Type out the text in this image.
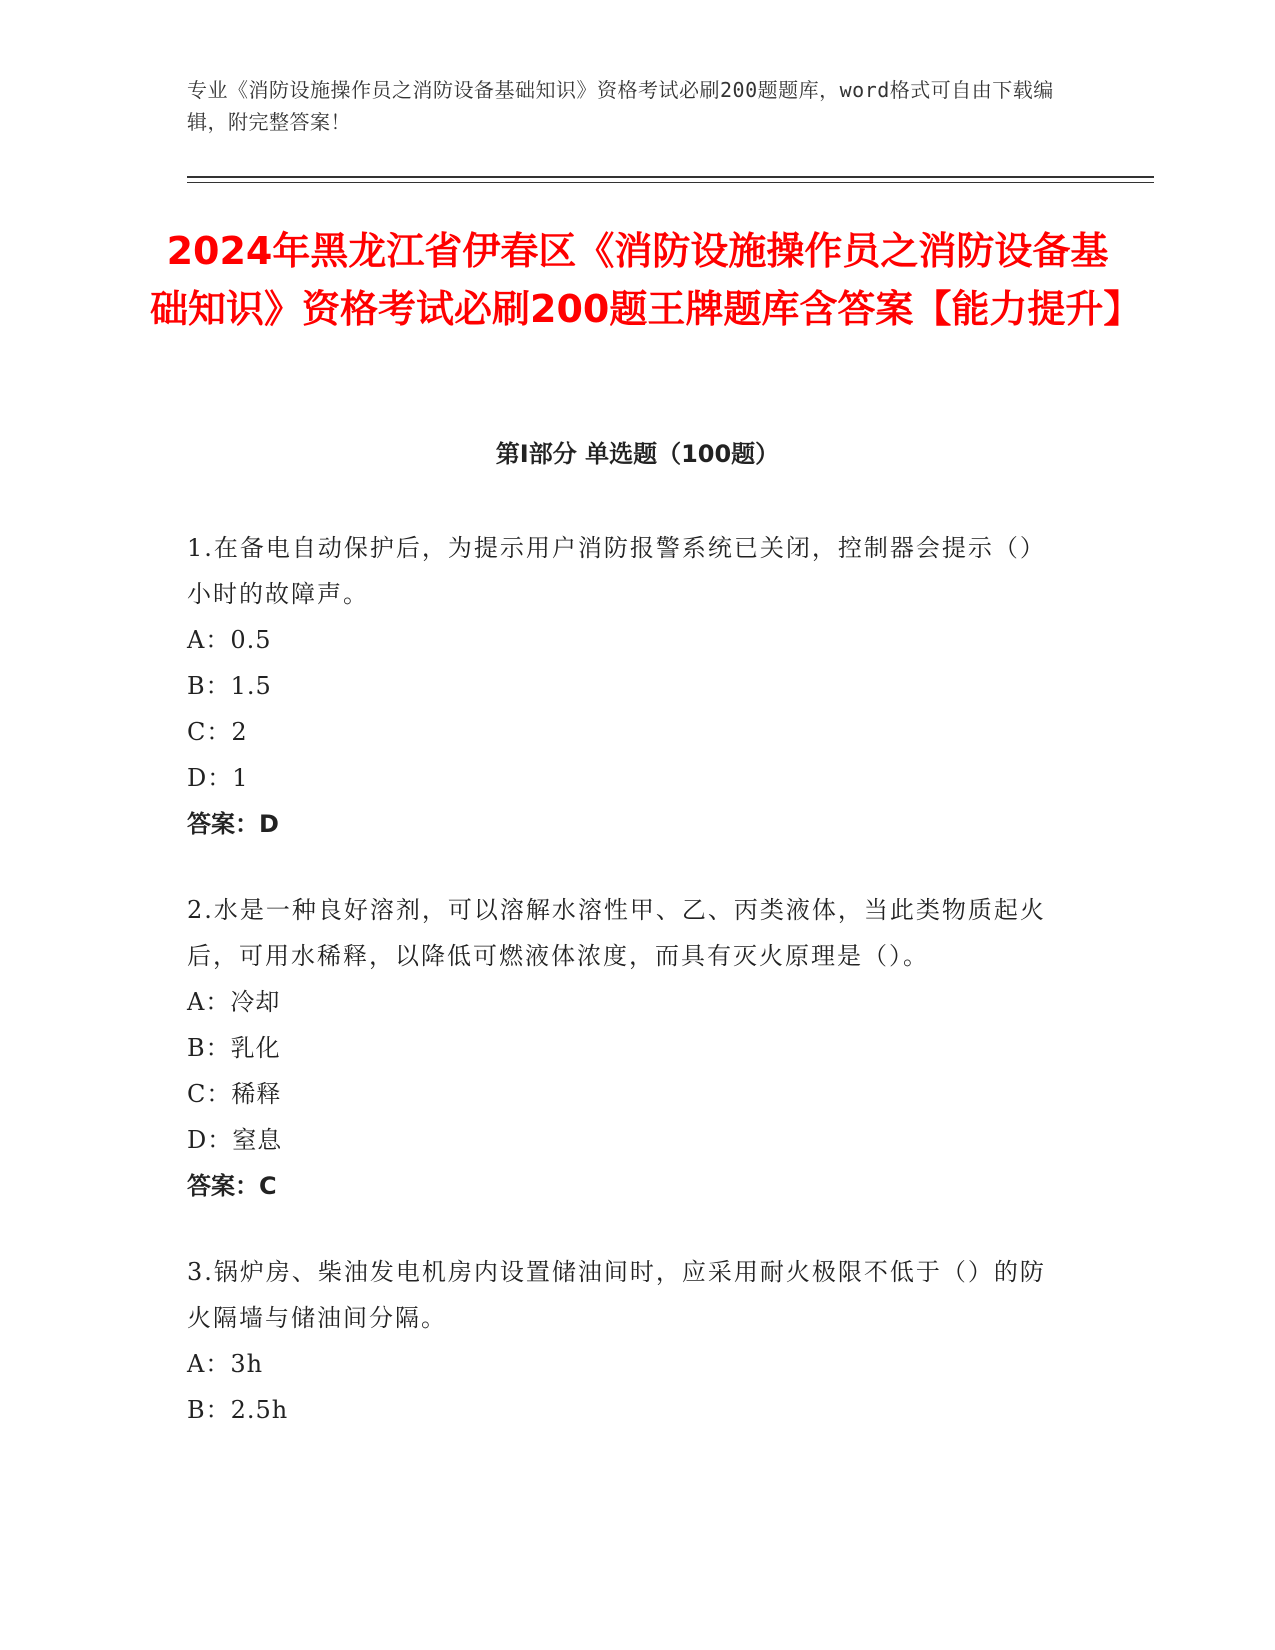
专业《消防设施操作员之消防设备基础知识》资格考试必刷200题题库，word格式可自由下载编辑，附完整答案！
2024年黑龙江省伊春区《消防设施操作员之消防设备基础知识》资格考试必刷200题王牌题库含答案【能力提升】
第Ⅰ部分 单选题（100题）

1.在备电自动保护后，为提示用户消防报警系统已关闭，控制器会提示（）小时的故障声。

A：0.5

B：1.5

C：2

D：1

答案：D

2.水是一种良好溶剂，可以溶解水溶性甲、乙、丙类液体，当此类物质起火后，可用水稀释，以降低可燃液体浓度，而具有灭火原理是（）。

A：冷却

B：乳化

C：稀释

D：窒息

答案：C

3.锅炉房、柴油发电机房内设置储油间时，应采用耐火极限不低于（）的防火隔墙与储油间分隔。

A：3h

B：2.5h
